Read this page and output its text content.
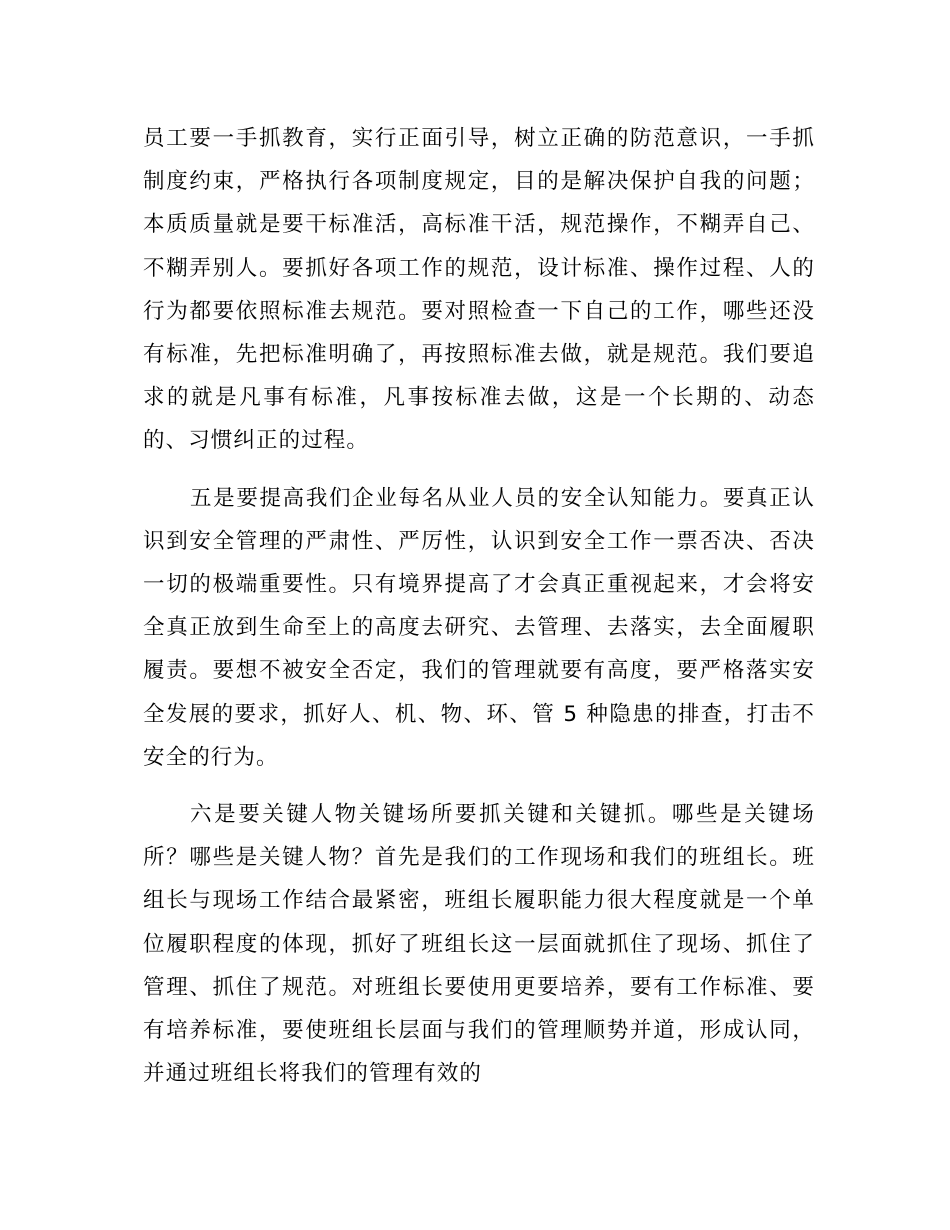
员工要一手抓教育，实行正面引导，树立正确的防范意识，一手抓制度约束，严格执行各项制度规定，目的是解决保护自我的问题；本质质量就是要干标准活，高标准干活，规范操作，不糊弄自己、不糊弄别人。要抓好各项工作的规范，设计标准、操作过程、人的行为都要依照标准去规范。要对照检查一下自己的工作，哪些还没有标准，先把标准明确了，再按照标准去做，就是规范。我们要追求的就是凡事有标准，凡事按标准去做，这是一个长期的、动态的、习惯纠正的过程。

五是要提高我们企业每名从业人员的安全认知能力。要真正认识到安全管理的严肃性、严厉性，认识到安全工作一票否决、否决一切的极端重要性。只有境界提高了才会真正重视起来，才会将安全真正放到生命至上的高度去研究、去管理、去落实，去全面履职履责。要想不被安全否定，我们的管理就要有高度，要严格落实安全发展的要求，抓好人、机、物、环、管 5 种隐患的排查，打击不安全的行为。

六是要关键人物关键场所要抓关键和关键抓。哪些是关键场所？哪些是关键人物？首先是我们的工作现场和我们的班组长。班组长与现场工作结合最紧密，班组长履职能力很大程度就是一个单位履职程度的体现，抓好了班组长这一层面就抓住了现场、抓住了管理、抓住了规范。对班组长要使用更要培养，要有工作标准、要有培养标准，要使班组长层面与我们的管理顺势并道，形成认同，并通过班组长将我们的管理有效的
